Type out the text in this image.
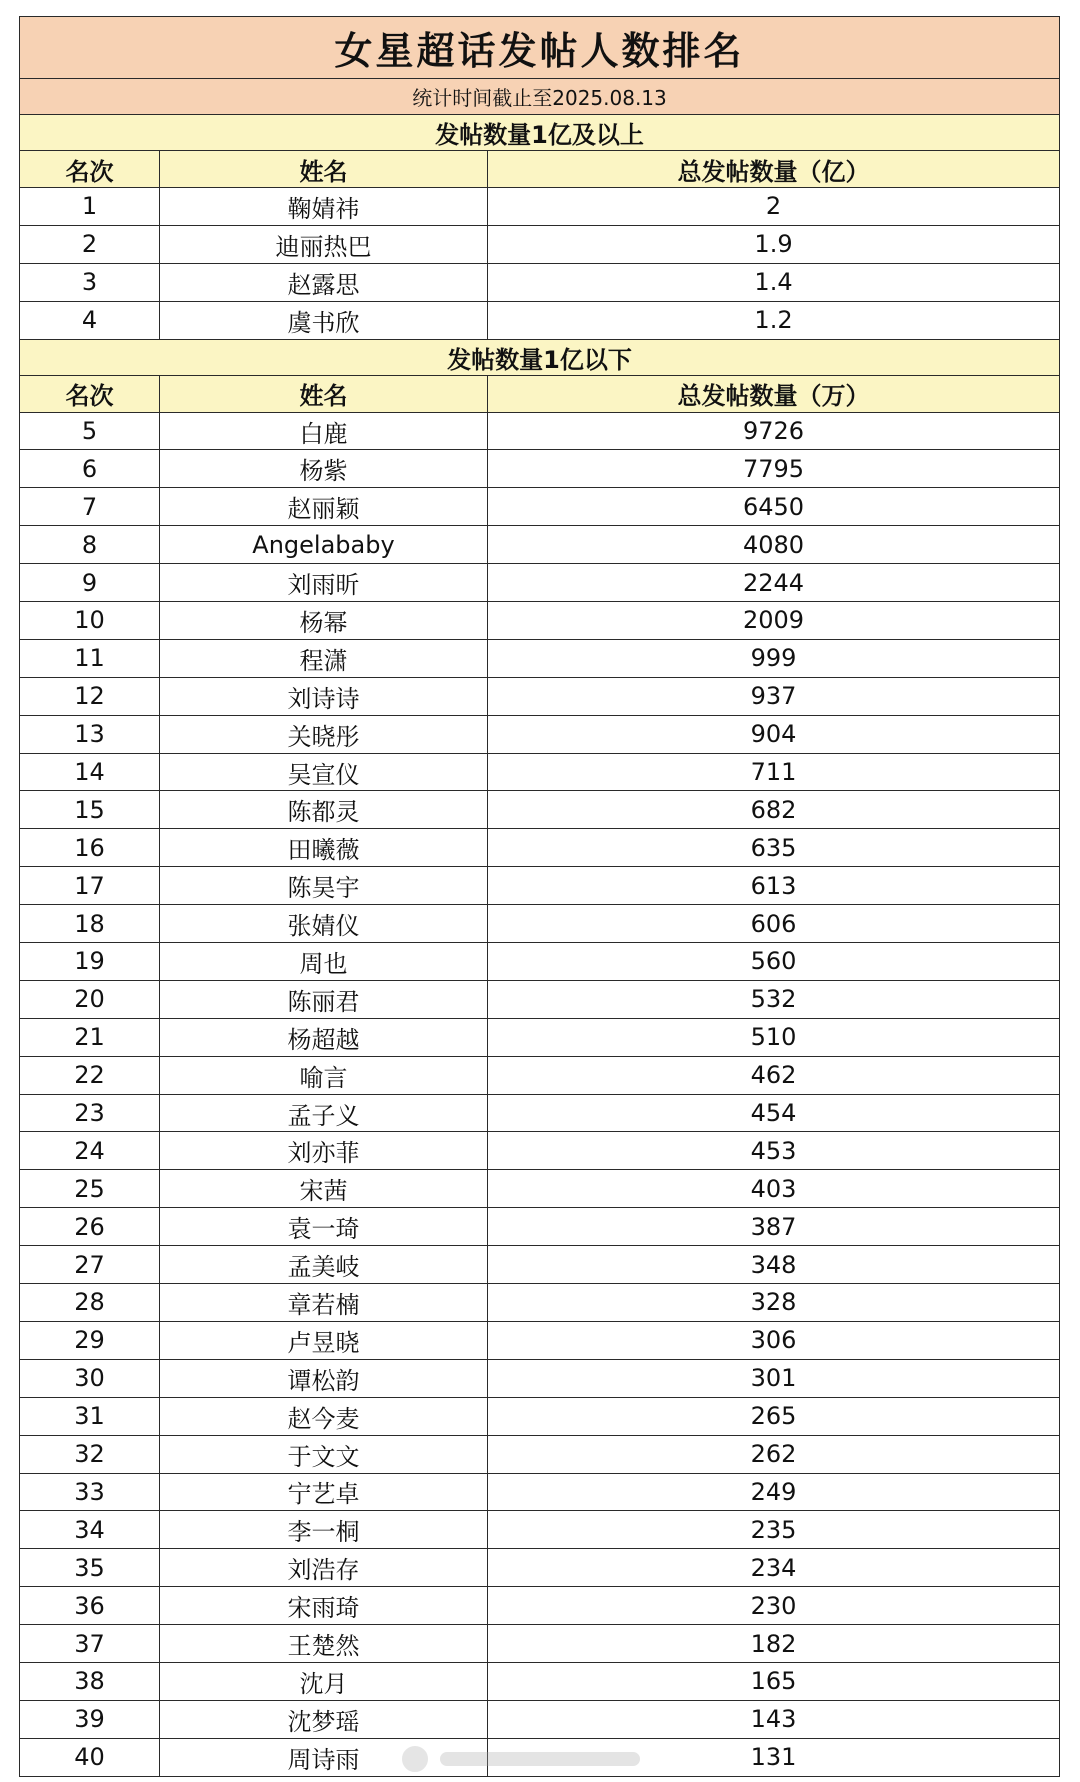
女星超话发帖人数排名		
统计时间截止至2025.08.13		
发帖数量1亿及以上		
名次	姓名	总发帖数量（亿）
1	鞠婧祎	2
2	迪丽热巴	1.9
3	赵露思	1.4
4	虞书欣	1.2
发帖数量1亿以下		
名次	姓名	总发帖数量（万）
5	白鹿	9726
6	杨紫	7795
7	赵丽颖	6450
8	Angelababy	4080
9	刘雨昕	2244
10	杨幂	2009
11	程潇	999
12	刘诗诗	937
13	关晓彤	904
14	吴宣仪	711
15	陈都灵	682
16	田曦薇	635
17	陈昊宇	613
18	张婧仪	606
19	周也	560
20	陈丽君	532
21	杨超越	510
22	喻言	462
23	孟子义	454
24	刘亦菲	453
25	宋茜	403
26	袁一琦	387
27	孟美岐	348
28	章若楠	328
29	卢昱晓	306
30	谭松韵	301
31	赵今麦	265
32	于文文	262
33	宁艺卓	249
34	李一桐	235
35	刘浩存	234
36	宋雨琦	230
37	王楚然	182
38	沈月	165
39	沈梦瑶	143
40	周诗雨	131
